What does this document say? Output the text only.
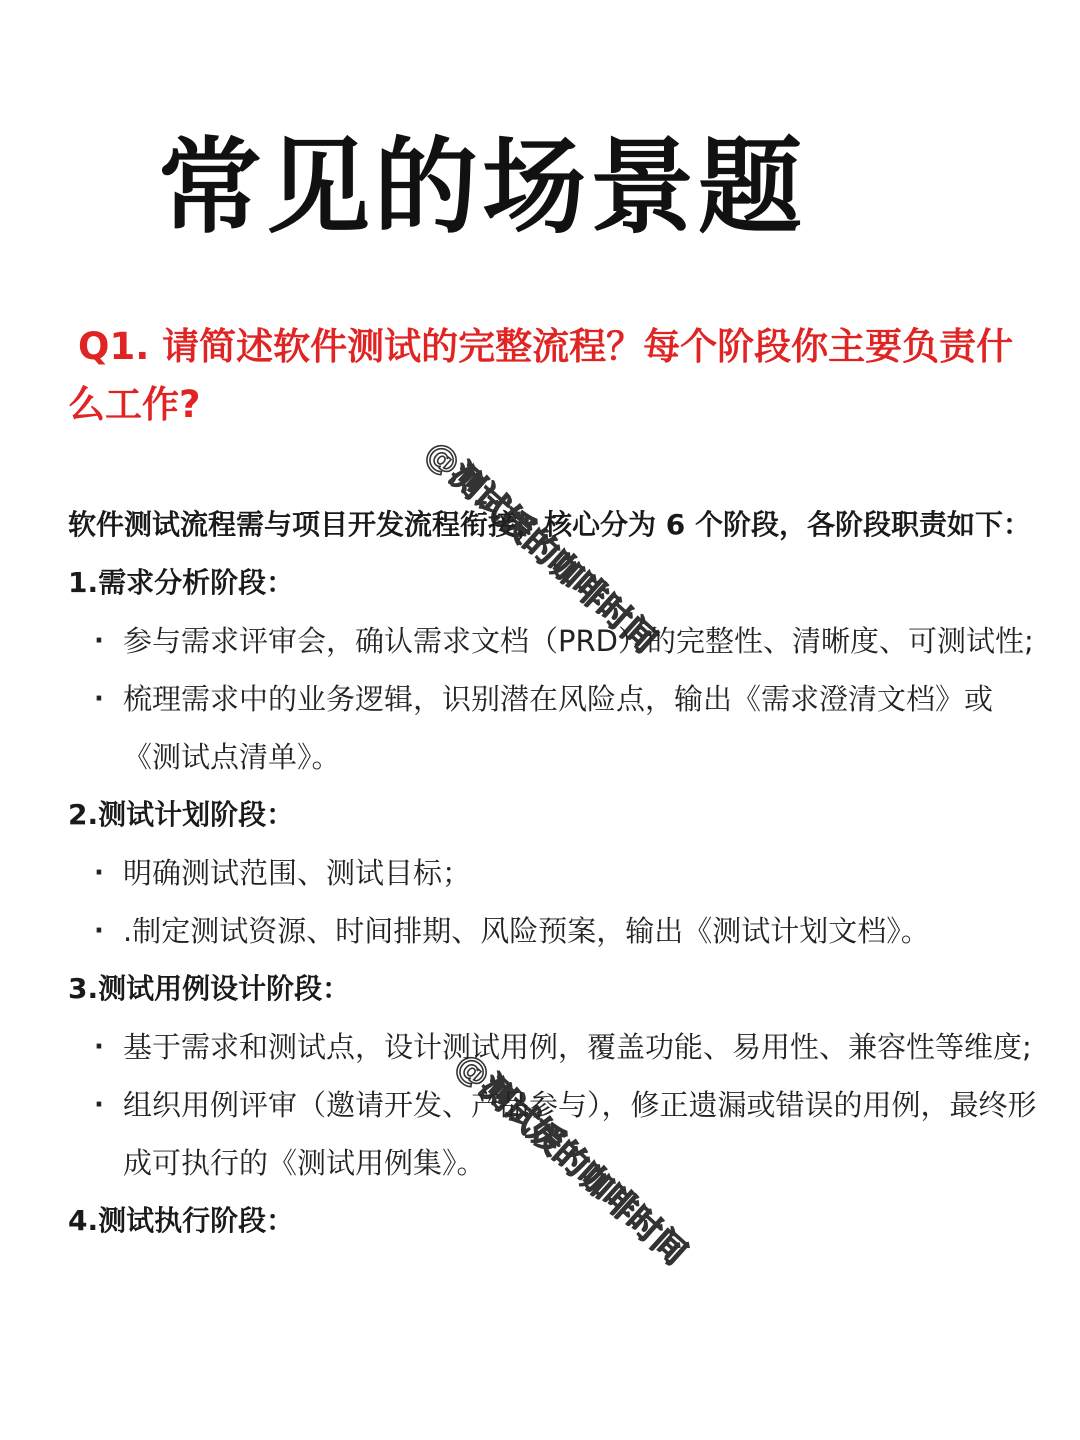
常见的场景题
Q1. 请简述软件测试的完整流程？每个阶段你主要负责什么工作?

软件测试流程需与项目开发流程衔接，核心分为 6 个阶段，各阶段职责如下：

1.需求分析阶段：

· 参与需求评审会，确认需求文档（PRD）的完整性、清晰度、可测试性;
· 梳理需求中的业务逻辑，识别潜在风险点，输出《需求澄清文档》或《测试点清单》。

2.测试计划阶段：

· 明确测试范围、测试目标；
· .制定测试资源、时间排期、风险预案，输出《测试计划文档》。

3.测试用例设计阶段：

· 基于需求和测试点，设计测试用例，覆盖功能、易用性、兼容性等维度;
· 组织用例评审（邀请开发、产品参与），修正遗漏或错误的用例，最终形成可执行的《测试用例集》。

4.测试执行阶段：

@测试媛的咖啡时间
@测试媛的咖啡时间
